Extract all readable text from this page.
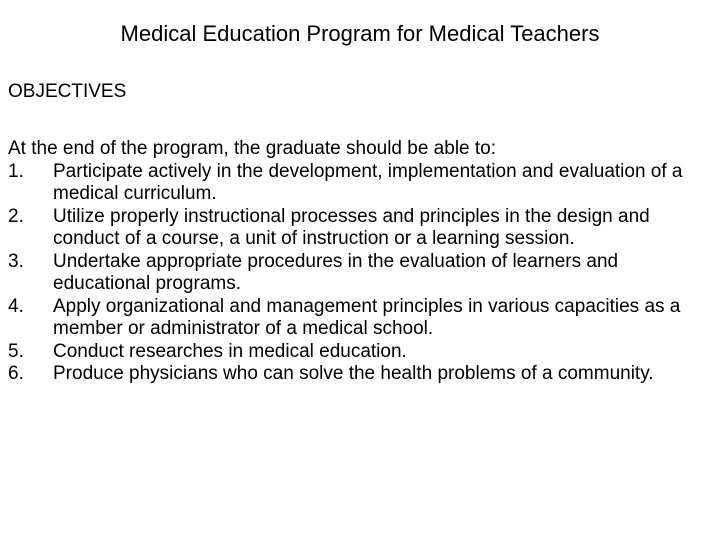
Medical Education Program for Medical Teachers
OBJECTIVES
At the end of the program, the graduate should be able to:
1.	Participate actively in the development, implementation and evaluation of a medical curriculum.
2.	Utilize properly instructional processes and principles in the design and conduct of a course, a unit of instruction or a learning session.
3.	Undertake appropriate procedures in the evaluation of learners and educational programs.
4.	Apply organizational and management principles in various capacities as a member or administrator of a medical school.
5.	Conduct researches in medical education.
6.	Produce physicians who can solve the health problems of a community.
